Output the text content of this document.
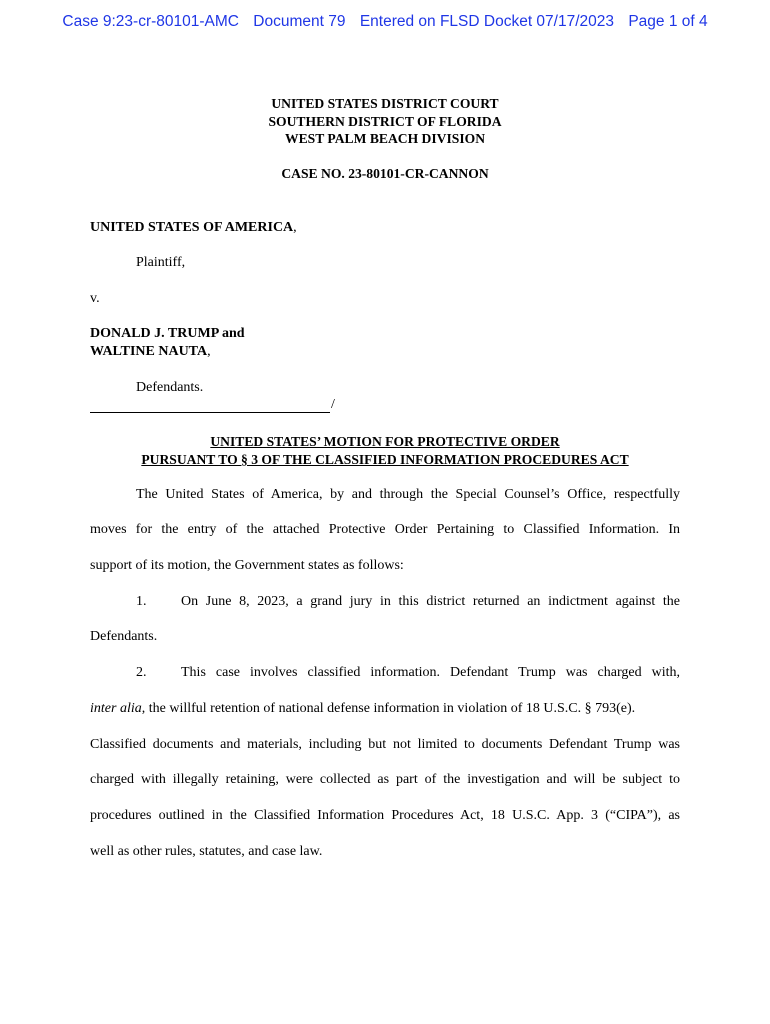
Case 9:23-cr-80101-AMC Document 79 Entered on FLSD Docket 07/17/2023 Page 1 of 4
UNITED STATES DISTRICT COURT
SOUTHERN DISTRICT OF FLORIDA
WEST PALM BEACH DIVISION
CASE NO. 23-80101-CR-CANNON
UNITED STATES OF AMERICA,
Plaintiff,
v.
DONALD J. TRUMP and
WALTINE NAUTA,
Defendants.
/
UNITED STATES’ MOTION FOR PROTECTIVE ORDER
PURSUANT TO § 3 OF THE CLASSIFIED INFORMATION PROCEDURES ACT
The United States of America, by and through the Special Counsel’s Office, respectfully
moves for the entry of the attached Protective Order Pertaining to Classified Information. In
support of its motion, the Government states as follows:
1. On June 8, 2023, a grand jury in this district returned an indictment against the
Defendants.
2. This case involves classified information. Defendant Trump was charged with,
inter alia, the willful retention of national defense information in violation of 18 U.S.C. § 793(e).
Classified documents and materials, including but not limited to documents Defendant Trump was
charged with illegally retaining, were collected as part of the investigation and will be subject to
procedures outlined in the Classified Information Procedures Act, 18 U.S.C. App. 3 (“CIPA”), as
well as other rules, statutes, and case law.
